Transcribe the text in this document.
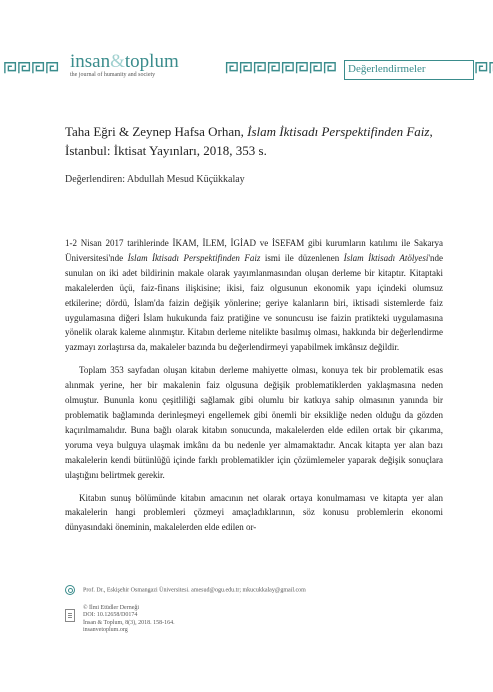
insan&toplum
the journal of humanity and society	Değerlendirmeler
Taha Eğri & Zeynep Hafsa Orhan, İslam İktisadı Perspektifinden Faiz, İstanbul: İktisat Yayınları, 2018, 353 s.
Değerlendiren: Abdullah Mesud Küçükkalay

1-2 Nisan 2017 tarihlerinde İKAM, İLEM, İGİAD ve İSEFAM gibi kurumların katılımı ile Sakarya Üniversitesi'nde İslam İktisadı Perspektifinden Faiz ismi ile düzenlenen İslam İktisadı Atölyesi'nde sunulan on iki adet bildirinin makale olarak yayımlanmasından oluşan derleme bir kitaptır. Kitaptaki makalelerden üçü, faiz-finans ilişkisine; ikisi, faiz olgusunun ekonomik yapı içindeki olumsuz etkilerine; dördü, İslam'da faizin değişik yönlerine; geriye kalanların biri, iktisadi sistemlerde faiz uygulamasına diğeri İslam hukukunda faiz pratiğine ve sonuncusu ise faizin pratikteki uygulamasına yönelik olarak kaleme alınmıştır. Kitabın derleme nitelikte basılmış olması, hakkında bir değerlendirme yazmayı zorlaştırsa da, makaleler bazında bu değerlendirmeyi yapabilmek imkânsız değildir.

Toplam 353 sayfadan oluşan kitabın derleme mahiyette olması, konuya tek bir problematik esas alınmak yerine, her bir makalenin faiz olgusuna değişik problematiklerden yaklaşmasına neden olmuştur. Bununla konu çeşitliliği sağlamak gibi olumlu bir katkıya sahip olmasının yanında bir problematik bağlamında derinleşmeyi engellemek gibi önemli bir eksikliğe neden olduğu da gözden kaçırılmamalıdır. Buna bağlı olarak kitabın sonucunda, makalelerden elde edilen ortak bir çıkarıma, yoruma veya bulguya ulaşmak imkânı da bu nedenle yer almamaktadır. Ancak kitapta yer alan bazı makalelerin kendi bütünlüğü içinde farklı problematikler için çözümlemeler yaparak değişik sonuçlara ulaştığını belirtmek gerekir.

Kitabın sunuş bölümünde kitabın amacının net olarak ortaya konulmaması ve kitapta yer alan makalelerin hangi problemleri çözmeyi amaçladıklarının, söz konusu problemlerin ekonomi dünyasındaki öneminin, makalelerden elde edilen or-

Prof. Dr., Eskişehir Osmangazi Üniversitesi. amesud@ogu.edu.tr; mkucukkalay@gmail.com
© İlmi Etüdler Derneği
DOI: 10.12658/D0174
İnsan & Toplum, 8(3), 2018. 158-164.
insanvetoplum.org
